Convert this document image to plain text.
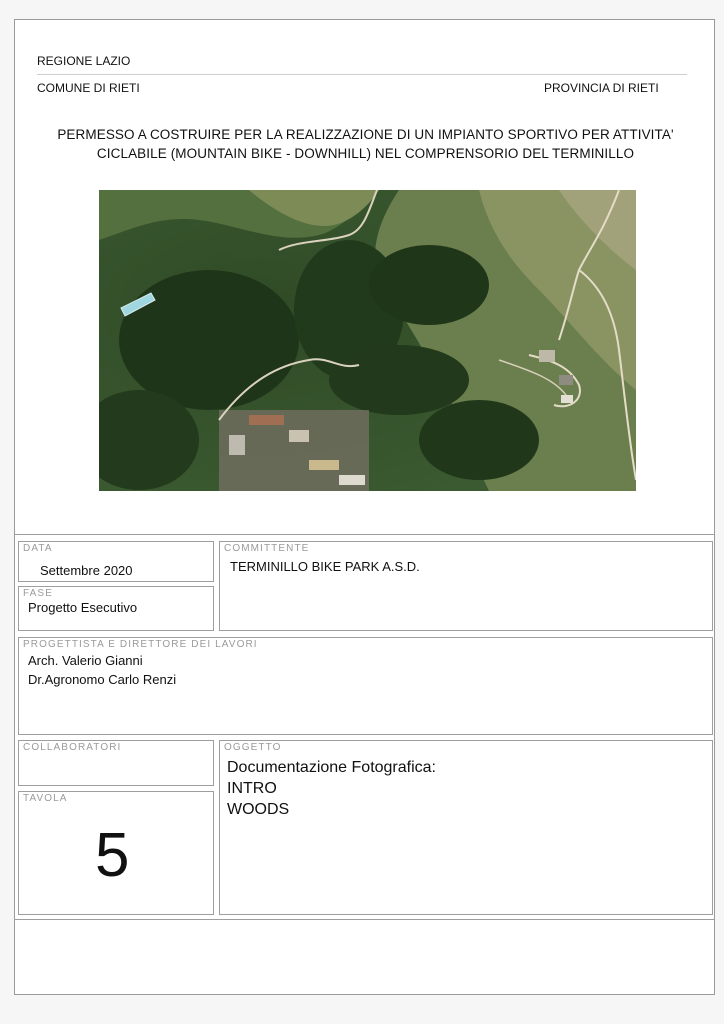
REGIONE LAZIO
COMUNE DI RIETI	PROVINCIA DI RIETI
PERMESSO A COSTRUIRE PER LA REALIZZAZIONE DI UN IMPIANTO SPORTIVO PER ATTIVITA'
CICLABILE (MOUNTAIN BIKE - DOWNHILL) NEL COMPRENSORIO DEL TERMINILLO
DATA
Settembre 2020
FASE
Progetto Esecutivo
COMMITTENTE
TERMINILLO BIKE PARK A.S.D.
PROGETTISTA E DIRETTORE DEI LAVORI
Arch. Valerio Gianni
Dr.Agronomo Carlo Renzi
COLLABORATORI
TAVOLA
5
OGGETTO
Documentazione Fotografica:
INTRO
WOODS
